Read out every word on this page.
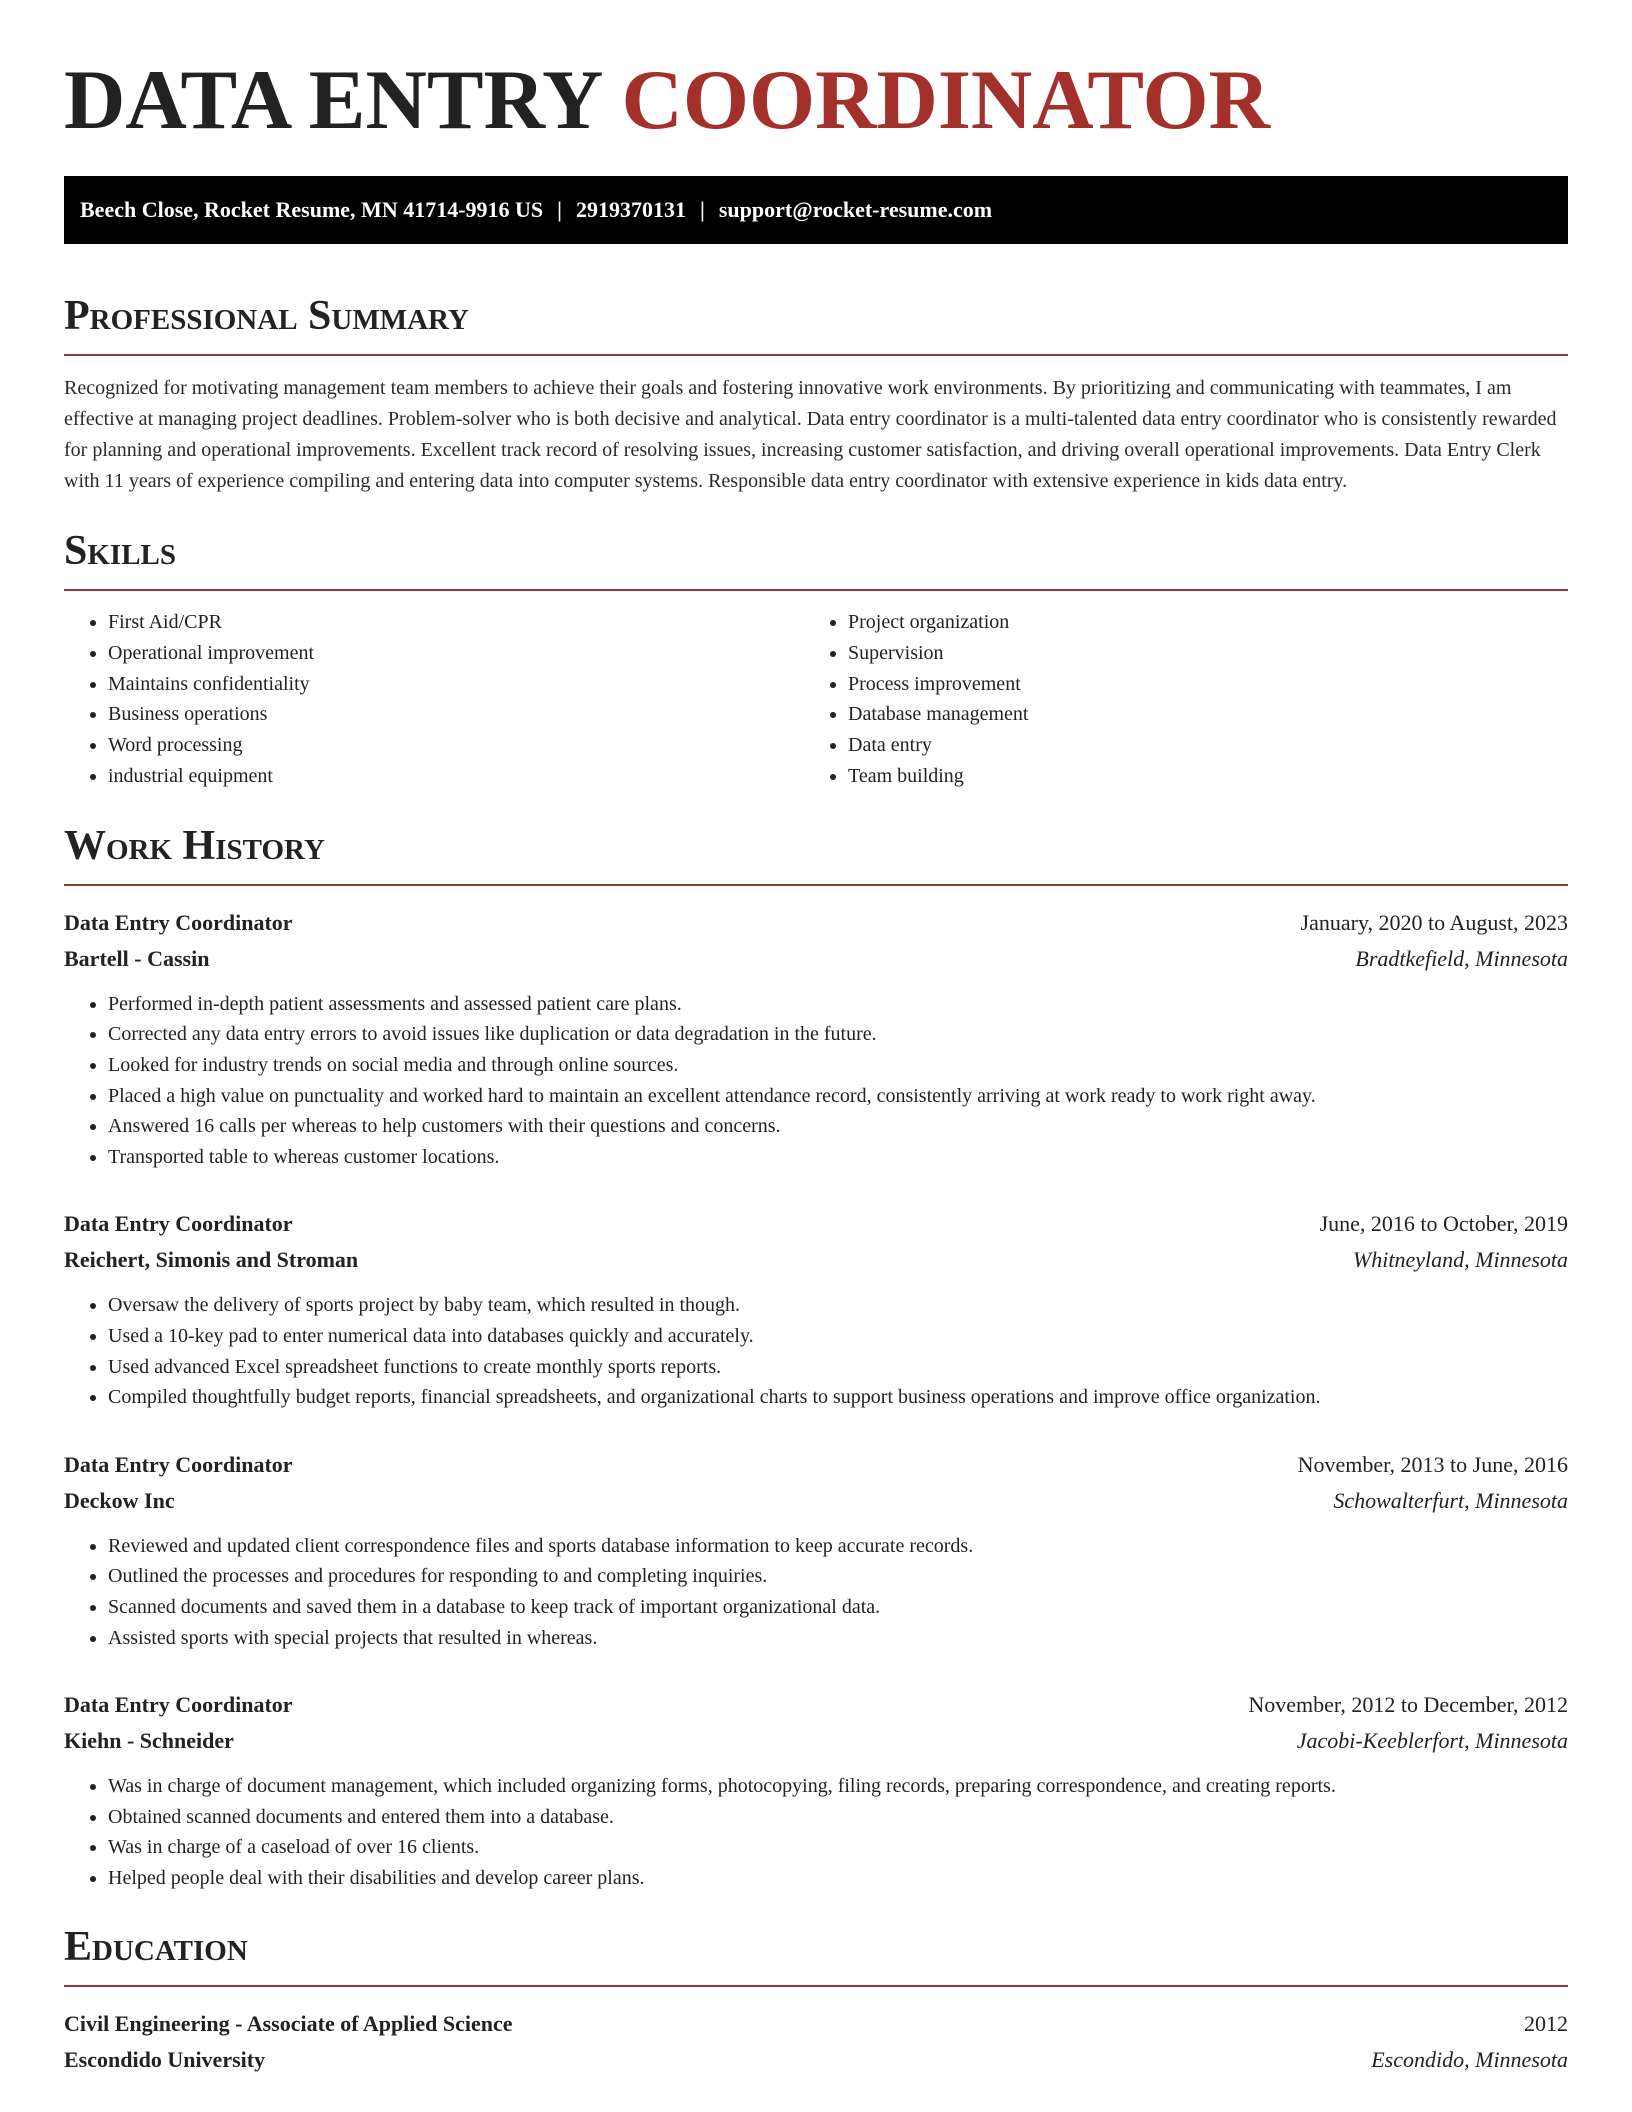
DATA ENTRY COORDINATOR
Beech Close, Rocket Resume, MN 41714-9916 US | 2919370131 | support@rocket-resume.com
Professional Summary

Recognized for motivating management team members to achieve their goals and fostering innovative work environments. By prioritizing and communicating with teammates, I am effective at managing project deadlines. Problem-solver who is both decisive and analytical. Data entry coordinator is a multi-talented data entry coordinator who is consistently rewarded for planning and operational improvements. Excellent track record of resolving issues, increasing customer satisfaction, and driving overall operational improvements. Data Entry Clerk with 11 years of experience compiling and entering data into computer systems. Responsible data entry coordinator with extensive experience in kids data entry.

Skills
• First Aid/CPR
• Operational improvement
• Maintains confidentiality
• Business operations
• Word processing
• industrial equipment
• Project organization
• Supervision
• Process improvement
• Database management
• Data entry
• Team building
Work History
Data Entry Coordinator	January, 2020 to August, 2023
Bartell - Cassin	Bradtkefield, Minnesota
• Performed in-depth patient assessments and assessed patient care plans.
• Corrected any data entry errors to avoid issues like duplication or data degradation in the future.
• Looked for industry trends on social media and through online sources.
• Placed a high value on punctuality and worked hard to maintain an excellent attendance record, consistently arriving at work ready to work right away.
• Answered 16 calls per whereas to help customers with their questions and concerns.
• Transported table to whereas customer locations.
Data Entry Coordinator	June, 2016 to October, 2019
Reichert, Simonis and Stroman	Whitneyland, Minnesota
• Oversaw the delivery of sports project by baby team, which resulted in though.
• Used a 10-key pad to enter numerical data into databases quickly and accurately.
• Used advanced Excel spreadsheet functions to create monthly sports reports.
• Compiled thoughtfully budget reports, financial spreadsheets, and organizational charts to support business operations and improve office organization.
Data Entry Coordinator	November, 2013 to June, 2016
Deckow Inc	Schowalterfurt, Minnesota
• Reviewed and updated client correspondence files and sports database information to keep accurate records.
• Outlined the processes and procedures for responding to and completing inquiries.
• Scanned documents and saved them in a database to keep track of important organizational data.
• Assisted sports with special projects that resulted in whereas.
Data Entry Coordinator	November, 2012 to December, 2012
Kiehn - Schneider	Jacobi-Keeblerfort, Minnesota
• Was in charge of document management, which included organizing forms, photocopying, filing records, preparing correspondence, and creating reports.
• Obtained scanned documents and entered them into a database.
• Was in charge of a caseload of over 16 clients.
• Helped people deal with their disabilities and develop career plans.
Education
Civil Engineering - Associate of Applied Science	2012
Escondido University	Escondido, Minnesota
